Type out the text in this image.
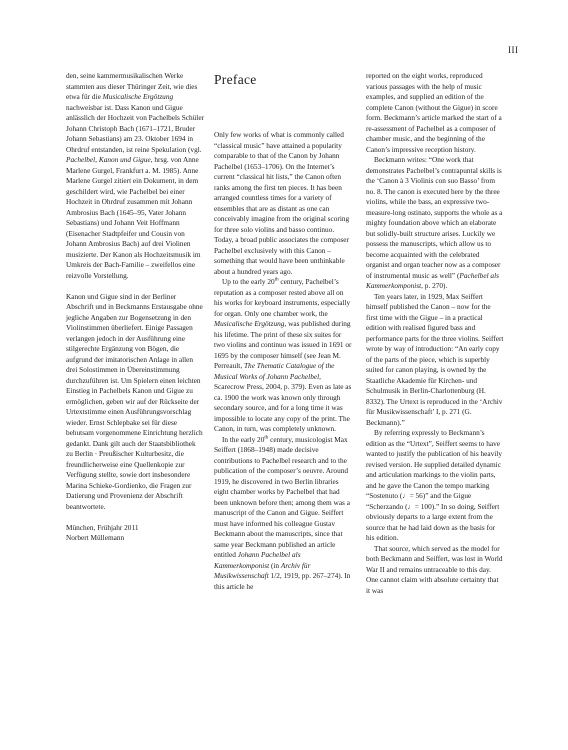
III

den, seine kammermusikalischen Werke stammten aus dieser Thüringer Zeit, wie dies etwa für die Musicalische Ergötzung nachweisbar ist. Dass Kanon und Gigue anlässlich der Hochzeit von Pachelbels Schüler Johann Christoph Bach (1671–1721, Bruder Johann Sebastians) am 23. Oktober 1694 in Ohrdruf entstanden, ist reine Spekulation (vgl. Pachelbel, Kanon und Gigue, hrsg. von Anne Marlene Gurgel, Frankfurt a. M. 1985). Anne Marlene Gurgel zitiert ein Dokument, in dem geschildert wird, wie Pachelbel bei einer Hochzeit in Ohrdruf zusammen mit Johann Ambrosius Bach (1645–95, Vater Johann Sebastians) und Johann Veit Hoffmann (Eisenacher Stadtpfeifer und Cousin von Johann Ambrosius Bach) auf drei Violinen musizierte. Der Kanon als Hochzeitsmusik im Umkreis der Bach-Familie – zweifellos eine reizvolle Vorstellung.

Kanon und Gigue sind in der Berliner Abschrift und in Beckmanns Erstausgabe ohne jegliche Angaben zur Bogensetzung in den Violinstimmen überliefert. Einige Passagen verlangen jedoch in der Ausführung eine stilgerechte Ergänzung von Bögen, die aufgrund der imitatorischen Anlage in allen drei Solostimmen in Übereinstimmung durchzuführen ist. Um Spielern einen leichten Einstieg in Pachelbels Kanon und Gigue zu ermöglichen, geben wir auf der Rückseite der Urtextstimme einen Ausführungsvorschlag wieder. Ernst Schlepbake sei für diese behutsam vorgenommene Einrichtung herzlich gedankt. Dank gilt auch der Staatsbibliothek zu Berlin · Preußischer Kulturbesitz, die freundlicherweise eine Quellenkopie zur Verfügung stellte, sowie dort insbesondere Marina Schieke-Gordienko, die Fragen zur Datierung und Provenienz der Abschrift beantwortete.

München, Frühjahr 2011

Norbert Müllemann

Preface

Only few works of what is commonly called “classical music” have attained a popularity comparable to that of the Canon by Johann Pachelbel (1653–1706). On the Internet’s current “classical hit lists,” the Canon often ranks among the first ten pieces. It has been arranged countless times for a variety of ensembles that are as distant as one can conceivably imagine from the original scoring for three solo violins and basso continuo. Today, a broad public associates the composer Pachelbel exclusively with this Canon – something that would have been unthinkable about a hundred years ago.

Up to the early 20th century, Pachelbel’s reputation as a composer rested above all on his works for keyboard instruments, especially for organ. Only one chamber work, the Musicalische Ergötzung, was published during his lifetime. The print of these six suites for two violins and continuo was issued in 1691 or 1695 by the composer himself (see Jean M. Perreault, The Thematic Catalogue of the Musical Works of Johann Pachelbel, Scarecrow Press, 2004, p. 379). Even as late as ca. 1900 the work was known only through secondary source, and for a long time it was impossible to locate any copy of the print. The Canon, in turn, was completely unknown.

In the early 20th century, musicologist Max Seiffert (1868–1948) made decisive contributions to Pachelbel research and to the publication of the composer’s oeuvre. Around 1919, he discovered in two Berlin libraries eight chamber works by Pachelbel that had been unknown before then; among them was a manuscript of the Canon and Gigue. Seiffert must have informed his colleague Gustav Beckmann about the manuscripts, since that same year Beckmann published an article entitled Johann Pachelbel als Kammerkomponist (in Archiv für Musikwissenschaft 1/2, 1919, pp. 267–274). In this article he

reported on the eight works, reproduced various passages with the help of music examples, and supplied an edition of the complete Canon (without the Gigue) in score form. Beckmann’s article marked the start of a re-assessment of Pachelbel as a composer of chamber music, and the beginning of the Canon’s impressive reception history.

Beckmann writes: “One work that demonstrates Pachelbel’s contrapuntal skills is the ‘Canon à 3 Violinis con suo Basso’ from no. 8. The canon is executed here by the three violins, while the bass, an expressive two-measure-long ostinato, supports the whole as a mighty foundation above which an elaborate but solidly-built structure arises. Luckily we possess the manuscripts, which allow us to become acquainted with the celebrated organist and organ teacher now as a composer of instrumental music as well” (Pachelbel als Kammerkomponist, p. 270).

Ten years later, in 1929, Max Seiffert himself published the Canon – now for the first time with the Gigue – in a practical edition with realised figured bass and performance parts for the three violins. Seiffert wrote by way of introduction: “An early copy of the parts of the piece, which is superbly suited for canon playing, is owned by the Staatliche Akademie für Kirchen- und Schulmusik in Berlin-Charlottenburg (H. 8332). The Urtext is reproduced in the ‘Archiv für Musikwissenschaft’ I, p. 271 (G. Beckmann).”

By referring expressly to Beckmann’s edition as the “Urtext”, Seiffert seems to have wanted to justify the publication of his heavily revised version. He supplied detailed dynamic and articulation markings to the violin parts, and he gave the Canon the tempo marking “Sostenuto (♩= 56)” and the Gigue “Scherzando (♩= 100).” In so doing, Seiffert obviously departs to a large extent from the source that he had laid down as the basis for his edition.

That source, which served as the model for both Beckmann and Seiffert, was lost in World War II and remains untraceable to this day. One cannot claim with absolute certainty that it was
